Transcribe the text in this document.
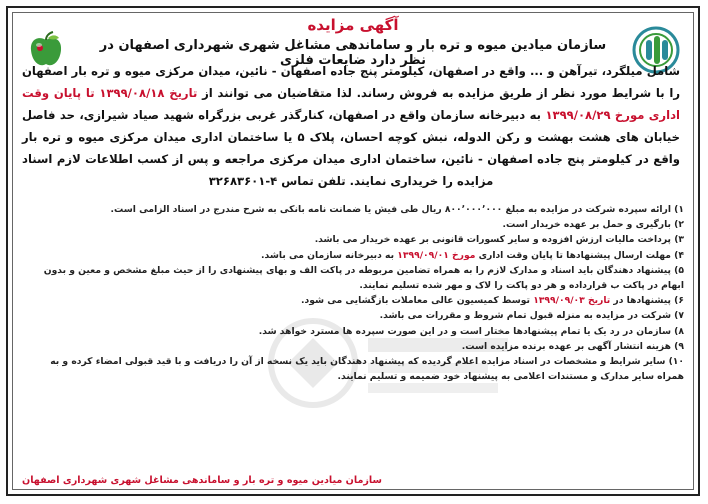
آگهی مزایده
سازمان میادین میوه و تره بار و ساماندهی مشاغل شهری شهرداری اصفهان در نظر دارد ضایعات فلزی
شامل میلگرد، تیرآهن و ... واقع در اصفهان، کیلومتر پنج جاده اصفهان - نائین، میدان مرکزی میوه و تره بار اصفهان را با شرایط مورد نظر از طریق مزایده به فروش رساند. لذا متقاضیان می توانند از تاریخ ۱۳۹۹/۰۸/۱۸ تا پایان وقت اداری مورخ ۱۳۹۹/۰۸/۲۹ به دبیرخانه سازمان واقع در اصفهان، کنارگذر غربی بزرگراه شهید صیاد شیرازی، حد فاصل خیابان های هشت بهشت و رکن الدوله، نبش کوچه احسان، پلاک ۵ یا ساختمان اداری میدان مرکزی میوه و تره بار واقع در کیلومتر پنج جاده اصفهان - نائین، ساختمان اداری میدان مرکزی مراجعه و پس از کسب اطلاعات لازم اسناد مزایده را خریداری نمایند. تلفن تماس ۴-۳۲۶۸۳۶۰۱

۱) ارائه سپرده شرکت در مزایده به مبلغ ۸۰۰٬۰۰۰٬۰۰۰ ریال طی فیش یا ضمانت نامه بانکی به شرح مندرج در اسناد الزامی است.

۲) بارگیری و حمل بر عهده خریدار است.

۳) پرداخت مالیات ارزش افزوده و سایر کسورات قانونی بر عهده خریدار می باشد.

۴) مهلت ارسال پیشنهادها تا پایان وقت اداری مورخ ۱۳۹۹/۰۹/۰۱ به دبیرخانه سازمان می باشد.

۵) پیشنهاد دهندگان باید اسناد و مدارک لازم را به همراه تضامین مربوطه در پاکت الف و بهای پیشنهادی را از حیث مبلغ مشخص و معین و بدون ابهام در پاکت ب قرارداده و هر دو پاکت را لاک و مهر شده تسلیم نمایند.

۶) پیشنهادها در تاریخ ۱۳۹۹/۰۹/۰۳ توسط کمیسیون عالی معاملات بازگشایی می شود.

۷) شرکت در مزایده به منزله قبول تمام شروط و مقررات می باشد.

۸) سازمان در رد یک یا تمام پیشنهادها مختار است و در این صورت سپرده ها مسترد خواهد شد.

۹) هزینه انتشار آگهی بر عهده برنده مزایده است.

۱۰) سایر شرایط و مشخصات در اسناد مزایده اعلام گردیده که پیشنهاد دهندگان باید یک نسخه از آن را دریافت و با قید قبولی امضاء کرده و به همراه سایر مدارک و مستندات اعلامی به پیشنهاد خود ضمیمه و تسلیم نمایند.

سازمان میادین میوه و تره بار و ساماندهی مشاغل شهری شهرداری اصفهان
